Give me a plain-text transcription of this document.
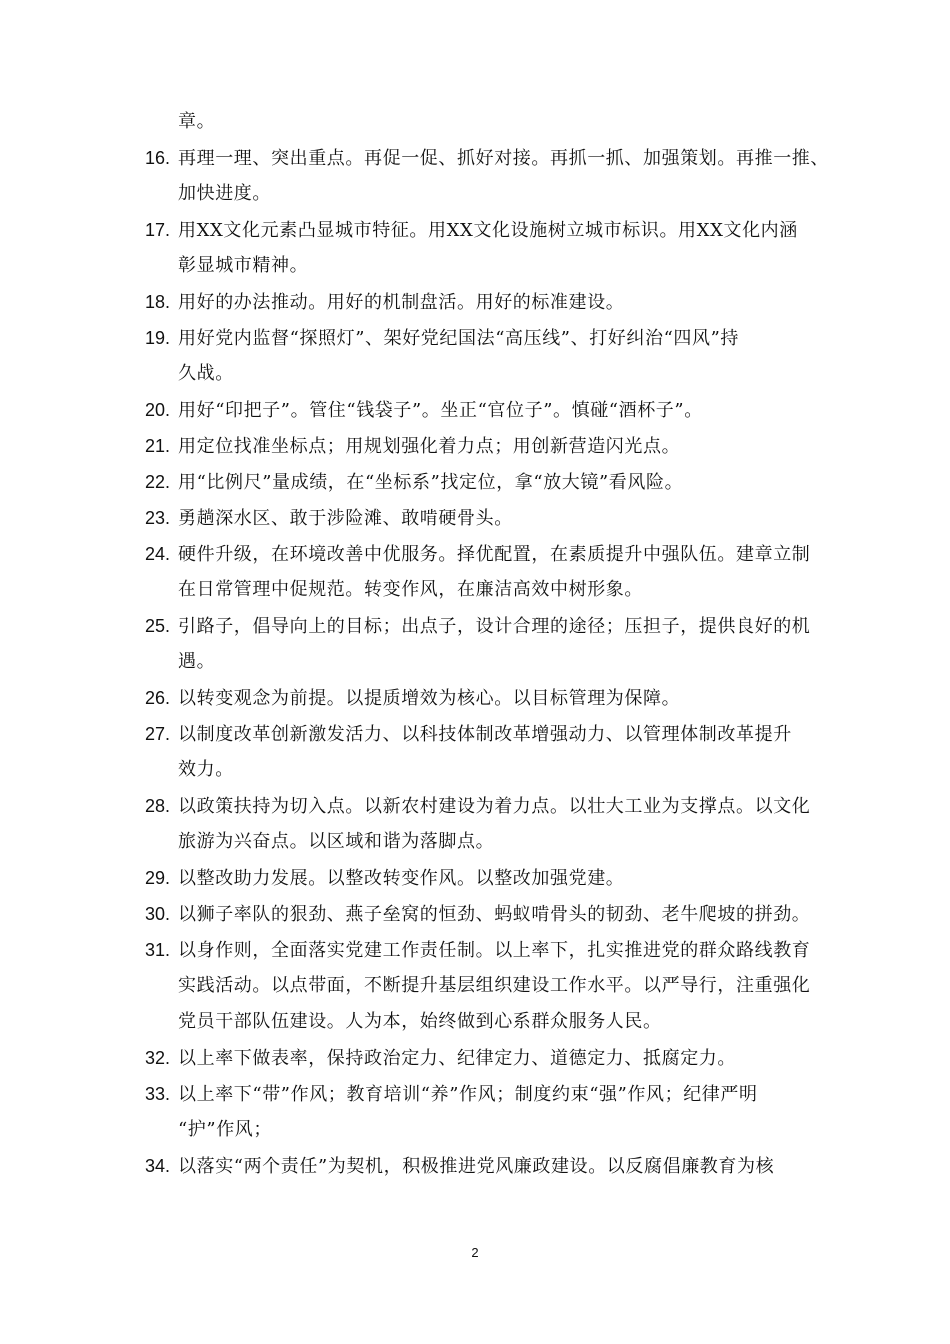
章。
16. 再理一理、突出重点。再促一促、抓好对接。再抓一抓、加强策划。再推一推、
加快进度。
17. 用XX文化元素凸显城市特征。用XX文化设施树立城市标识。用XX文化内涵
彰显城市精神。
18. 用好的办法推动。用好的机制盘活。用好的标准建设。
19. 用好党内监督“探照灯”、架好党纪国法“高压线”、打好纠治“四风”持
久战。
20. 用好“印把子”。管住“钱袋子”。坐正“官位子”。慎碰“酒杯子”。
21. 用定位找准坐标点；用规划强化着力点；用创新营造闪光点。
22. 用“比例尺”量成绩，在“坐标系”找定位，拿“放大镜”看风险。
23. 勇趟深水区、敢于涉险滩、敢啃硬骨头。
24. 硬件升级，在环境改善中优服务。择优配置，在素质提升中强队伍。建章立制
在日常管理中促规范。转变作风，在廉洁高效中树形象。
25. 引路子，倡导向上的目标；出点子，设计合理的途径；压担子，提供良好的机
遇。
26. 以转变观念为前提。以提质增效为核心。以目标管理为保障。
27. 以制度改革创新激发活力、以科技体制改革增强动力、以管理体制改革提升
效力。
28. 以政策扶持为切入点。以新农村建设为着力点。以壮大工业为支撑点。以文化
旅游为兴奋点。以区域和谐为落脚点。
29. 以整改助力发展。以整改转变作风。以整改加强党建。
30. 以狮子率队的狠劲、燕子垒窝的恒劲、蚂蚁啃骨头的韧劲、老牛爬坡的拼劲。
31. 以身作则，全面落实党建工作责任制。以上率下，扎实推进党的群众路线教育
实践活动。以点带面，不断提升基层组织建设工作水平。以严导行，注重强化
党员干部队伍建设。人为本，始终做到心系群众服务人民。
32. 以上率下做表率，保持政治定力、纪律定力、道德定力、抵腐定力。
33. 以上率下“带”作风；教育培训“养”作风；制度约束“强”作风；纪律严明
“护”作风；
34. 以落实“两个责任”为契机，积极推进党风廉政建设。以反腐倡廉教育为核
2
